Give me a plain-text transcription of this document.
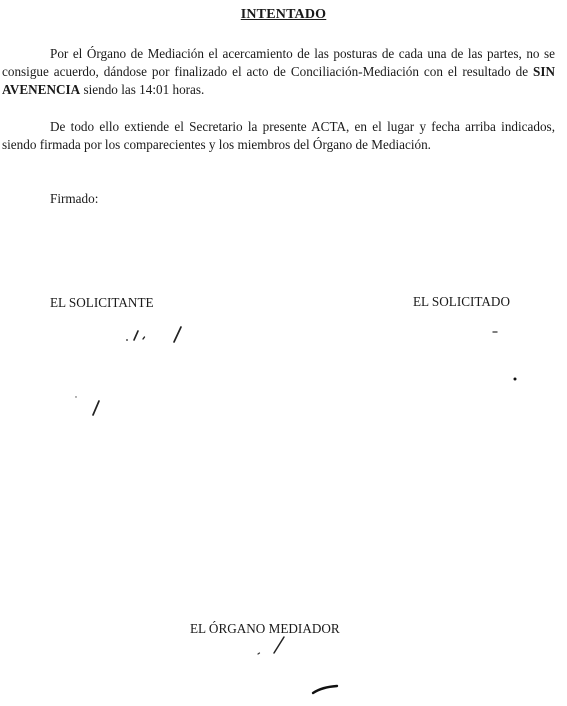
INTENTADO

Por el Órgano de Mediación el acercamiento de las posturas de cada una de las partes, no se consigue acuerdo, dándose por finalizado el acto de Conciliación-Mediación con el resultado de SIN AVENENCIA siendo las 14:01 horas.

De todo ello extiende el Secretario la presente ACTA, en el lugar y fecha arriba indicados, siendo firmada por los comparecientes y los miembros del Órgano de Mediación.

Firmado:
EL SOLICITANTE	EL SOLICITADO
EL ÓRGANO MEDIADOR
